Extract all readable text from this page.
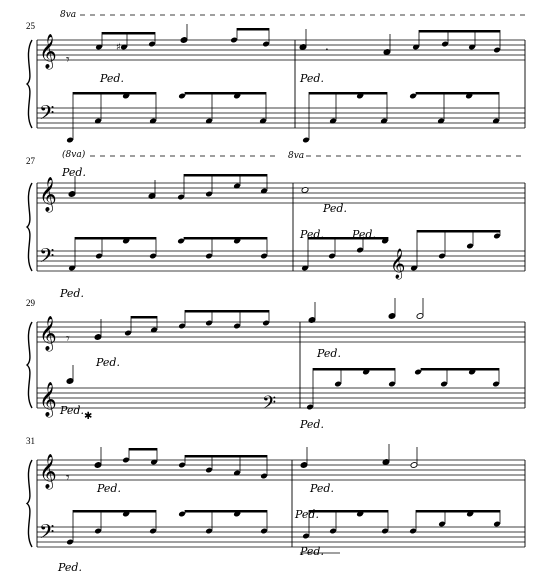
𝄞
𝄢
𝄞
𝄢
𝄞
𝄞
𝄞
𝄢
8va
𝄾
♯	.
Ped.	Ped.
(8va)	8va
Ped.
Ped.
𝄞
Ped.
Ped.	Ped.
𝄾
Ped.
Ped.
𝄢
Ped. ✱
Ped.
𝄾
Ped.	Ped.
Ped.
Ped.
Ped.
25
27
29
31
